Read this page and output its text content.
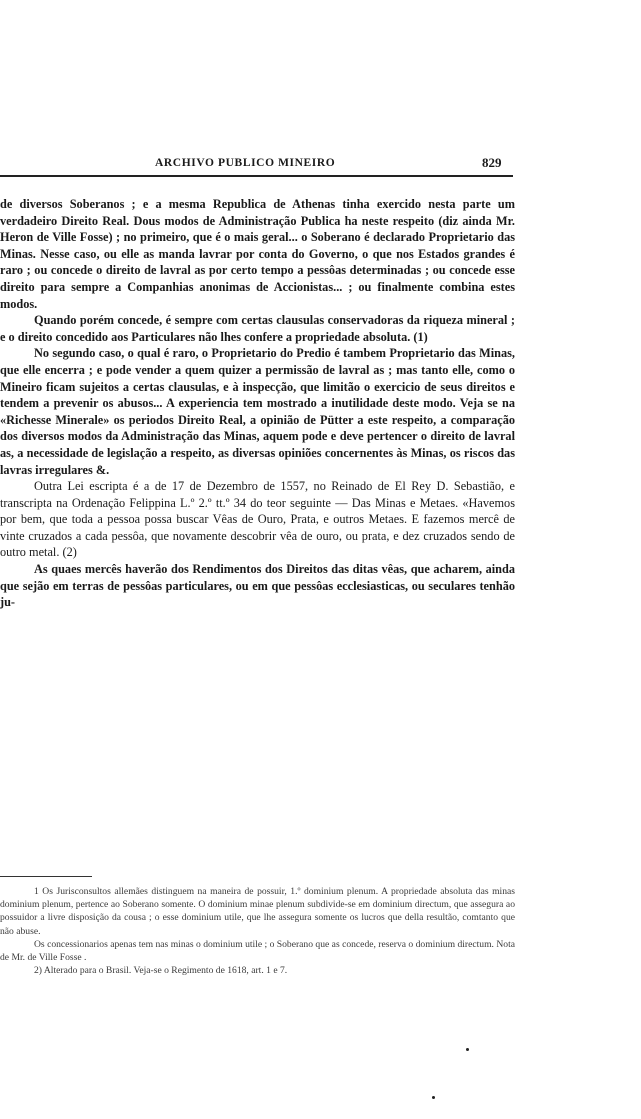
ARCHIVO PUBLICO MINEIRO	829

de diversos Soberanos ; e a mesma Republica de Athenas tinha exercido nesta parte um verdadeiro Direito Real. Dous modos de Administração Publica ha neste respeito (diz ainda Mr. Heron de Ville Fosse) ; no primeiro, que é o mais geral... o Soberano é declarado Proprietario das Minas. Nesse caso, ou elle as manda lavrar por conta do Governo, o que nos Estados grandes é raro ; ou concede o direito de lavral as por certo tempo a pessôas determinadas ; ou concede esse direito para sempre a Companhias anonimas de Accionistas... ; ou finalmente combina estes modos.

Quando porém concede, é sempre com certas clausulas conservadoras da riqueza mineral ; e o direito concedido aos Particulares não lhes confere a propriedade absoluta. (1)

No segundo caso, o qual é raro, o Proprietario do Predio é tambem Proprietario das Minas, que elle encerra ; e pode vender a quem quizer a permissão de lavral as ; mas tanto elle, como o Mineiro ficam sujeitos a certas clausulas, e à inspecção, que limitão o exercicio de seus direitos e tendem a prevenir os abusos... A experiencia tem mostrado a inutilidade deste modo. Veja se na «Richesse Minerale» os periodos Direito Real, a opinião de Pütter a este respeito, a comparação dos diversos modos da Administração das Minas, aquem pode e deve pertencer o direito de lavral as, a necessidade de legislação a respeito, as diversas opiniões concernentes às Minas, os riscos das lavras irregulares &.

Outra Lei escripta é a de 17 de Dezembro de 1557, no Reinado de El Rey D. Sebastião, e transcripta na Ordenação Felippina L.º 2.º tt.º 34 do teor seguinte — Das Minas e Metaes. «Havemos por bem, que toda a pessoa possa buscar Vêas de Ouro, Prata, e outros Metaes. E fazemos mercê de vinte cruzados a cada pessôa, que novamente descobrir vêa de ouro, ou prata, e dez cruzados sendo de outro metal. (2)

As quaes mercês haverão dos Rendimentos dos Direitos das ditas vêas, que acharem, ainda que sejão em terras de pessôas particulares, ou em que pessôas ecclesiasticas, ou seculares tenhão ju-

1 Os Jurisconsultos allemães distinguem na maneira de possuir, 1.º dominium plenum. A propriedade absoluta das minas dominium plenum, pertence ao Soberano somente. O dominium minae plenum subdivide-se em dominium directum, que assegura ao possuidor a livre disposição da cousa ; o esse dominium utile, que lhe assegura somente os lucros que della resultão, comtanto que não abuse.

Os concessionarios apenas tem nas minas o dominium utile ; o Soberano que as concede, reserva o dominium directum. Nota de Mr. de Ville Fosse .

2) Alterado para o Brasil. Veja-se o Regimento de 1618, art. 1 e 7.
